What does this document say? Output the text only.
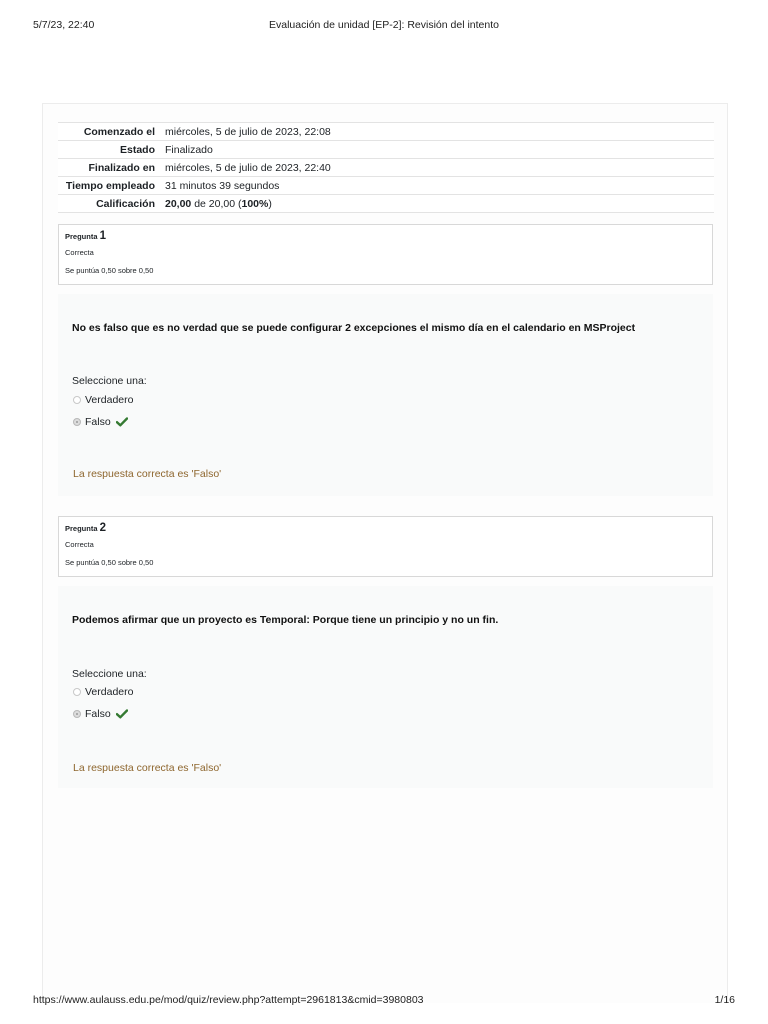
5/7/23, 22:40	Evaluación de unidad [EP-2]: Revisión del intento
Comenzado el	miércoles, 5 de julio de 2023, 22:08
Estado	Finalizado
Finalizado en	miércoles, 5 de julio de 2023, 22:40
Tiempo empleado	31 minutos 39 segundos
Calificación	20,00 de 20,00 (100%)
Pregunta 1
Correcta
Se puntúa 0,50 sobre 0,50
No es falso que es no verdad que se puede configurar 2 excepciones el mismo día en el calendario en MSProject
Seleccione una:
Verdadero
Falso
La respuesta correcta es 'Falso'
Pregunta 2
Correcta
Se puntúa 0,50 sobre 0,50
Podemos afirmar que un proyecto es Temporal: Porque tiene un principio y no un fin.
Seleccione una:
Verdadero
Falso
La respuesta correcta es 'Falso'
https://www.aulauss.edu.pe/mod/quiz/review.php?attempt=2961813&cmid=3980803	1/16
